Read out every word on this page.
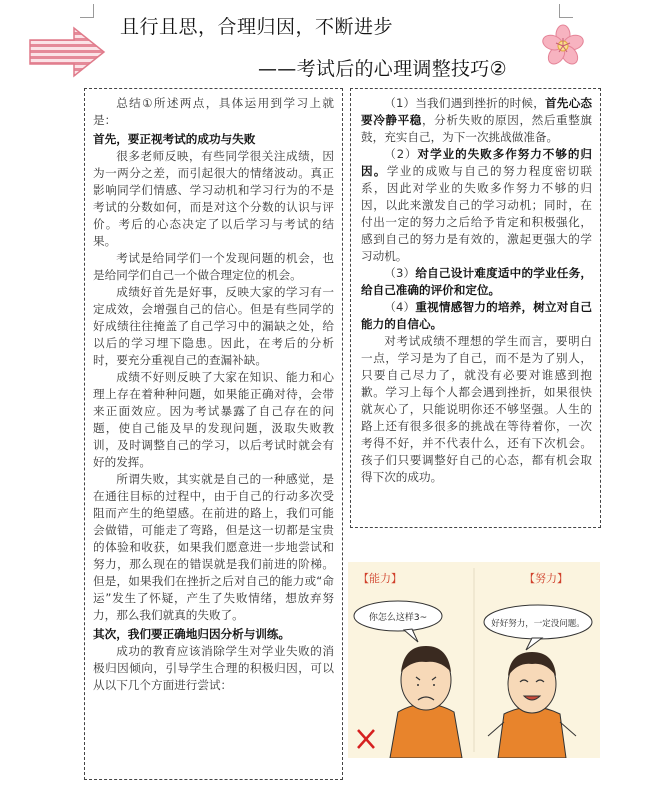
且行且思，合理归因，不断进步
——考试后的心理调整技巧②

总结①所述两点，具体运用到学习上就是：

首先，要正视考试的成功与失败

很多老师反映，有些同学很关注成绩，因为一两分之差，而引起很大的情绪波动。真正影响同学们情感、学习动机和学习行为的不是考试的分数如何，而是对这个分数的认识与评价。考后的心态决定了以后学习与考试的结果。

考试是给同学们一个发现问题的机会，也是给同学们自己一个做合理定位的机会。

成绩好首先是好事，反映大家的学习有一定成效，会增强自己的信心。但是有些同学的好成绩往往掩盖了自己学习中的漏缺之处，给以后的学习埋下隐患。因此，在考后的分析时，要充分重视自己的查漏补缺。

成绩不好则反映了大家在知识、能力和心理上存在着种种问题，如果能正确对待，会带来正面效应。因为考试暴露了自己存在的问题，使自己能及早的发现问题，汲取失败教训，及时调整自己的学习，以后考试时就会有好的发挥。

所谓失败，其实就是自己的一种感觉，是在通往目标的过程中，由于自己的行动多次受阻而产生的绝望感。在前进的路上，我们可能会做错，可能走了弯路，但是这一切都是宝贵的体验和收获，如果我们愿意进一步地尝试和努力，那么现在的错误就是我们前进的阶梯。但是，如果我们在挫折之后对自己的能力或“命运”发生了怀疑，产生了失败情绪，想放弃努力，那么我们就真的失败了。

其次，我们要正确地归因分析与训练。

成功的教育应该消除学生对学业失败的消极归因倾向，引导学生合理的积极归因，可以从以下几个方面进行尝试：

（1）当我们遇到挫折的时候，首先心态要冷静平稳，分析失败的原因，然后重整旗鼓，充实自己，为下一次挑战做准备。

（2）对学业的失败多作努力不够的归因。学业的成败与自己的努力程度密切联系，因此对学业的失败多作努力不够的归因，以此来激发自己的学习动机；同时，在付出一定的努力之后给予肯定和积极强化，感到自己的努力是有效的，激起更强大的学习动机。

（3）给自己设计难度适中的学业任务，给自己准确的评价和定位。

（4）重视情感智力的培养，树立对自己能力的自信心。

对考试成绩不理想的学生而言，要明白一点，学习是为了自己，而不是为了别人，只要自己尽力了，就没有必要对谁感到抱歉。学习上每个人都会遇到挫折，如果很快就灰心了，只能说明你还不够坚强。人生的路上还有很多很多的挑战在等待着你，一次考得不好，并不代表什么，还有下次机会。孩子们只要调整好自己的心态，都有机会取得下次的成功。

【能力】	【努力】
你怎么这样3~
好好努力，一定没问题。
